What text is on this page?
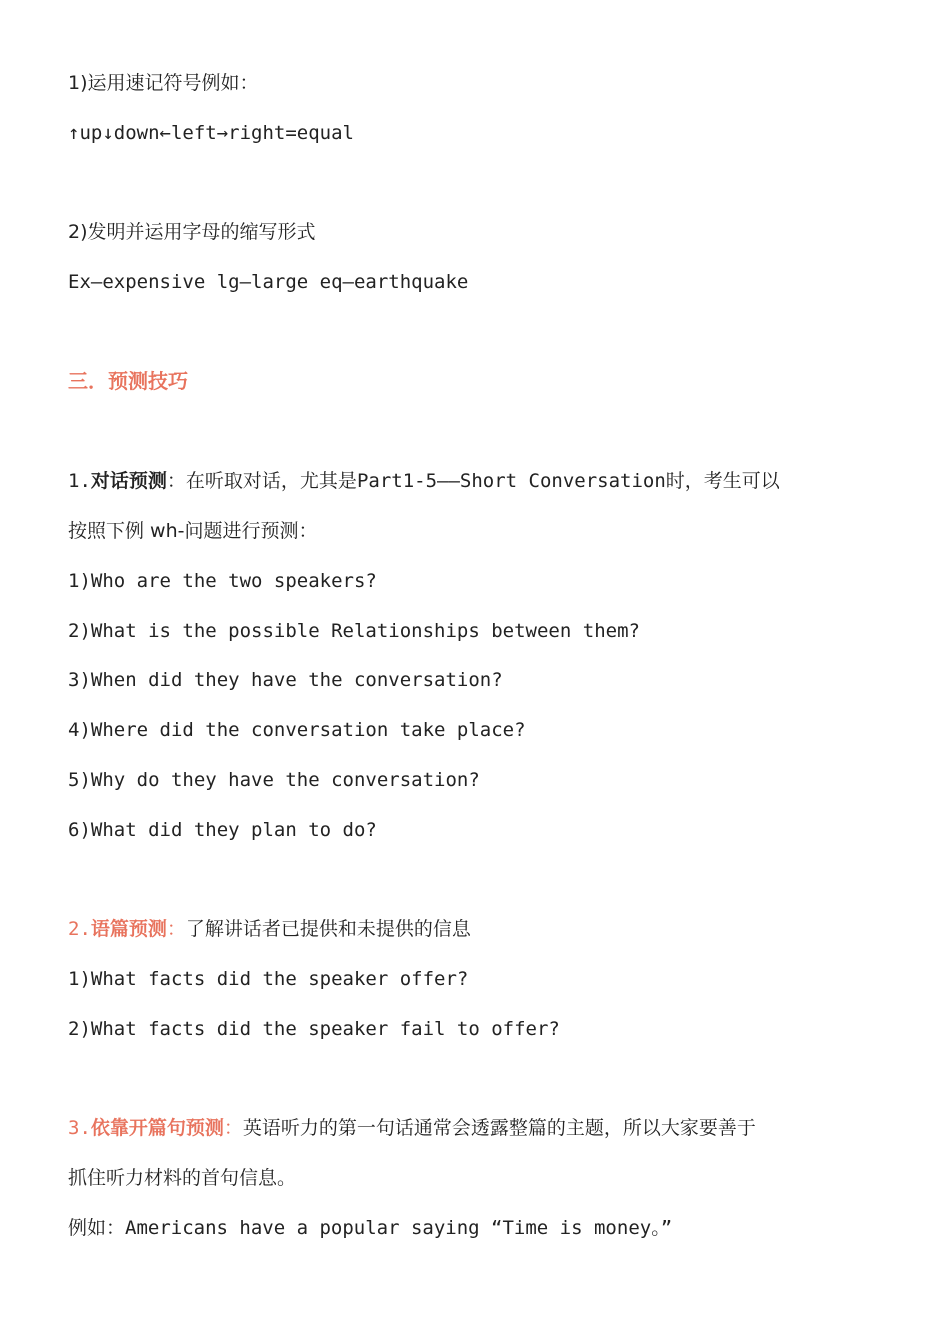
1)运用速记符号例如：
↑up↓down←left→right=equal
2)发明并运用字母的缩写形式
Ex—expensive lg—large eq—earthquake
三．预测技巧
1.对话预测：在听取对话，尤其是Part1-5——Short Conversation时，考生可以
按照下例 wh-问题进行预测：
1)Who are the two speakers?
2)What is the possible Relationships between them?
3)When did they have the conversation?
4)Where did the conversation take place?
5)Why do they have the conversation?
6)What did they plan to do?
2.语篇预测：了解讲话者已提供和未提供的信息
1)What facts did the speaker offer?
2)What facts did the speaker fail to offer?
3.依靠开篇句预测：英语听力的第一句话通常会透露整篇的主题，所以大家要善于
抓住听力材料的首句信息。
例如：Americans have a popular saying “Time is money。”
